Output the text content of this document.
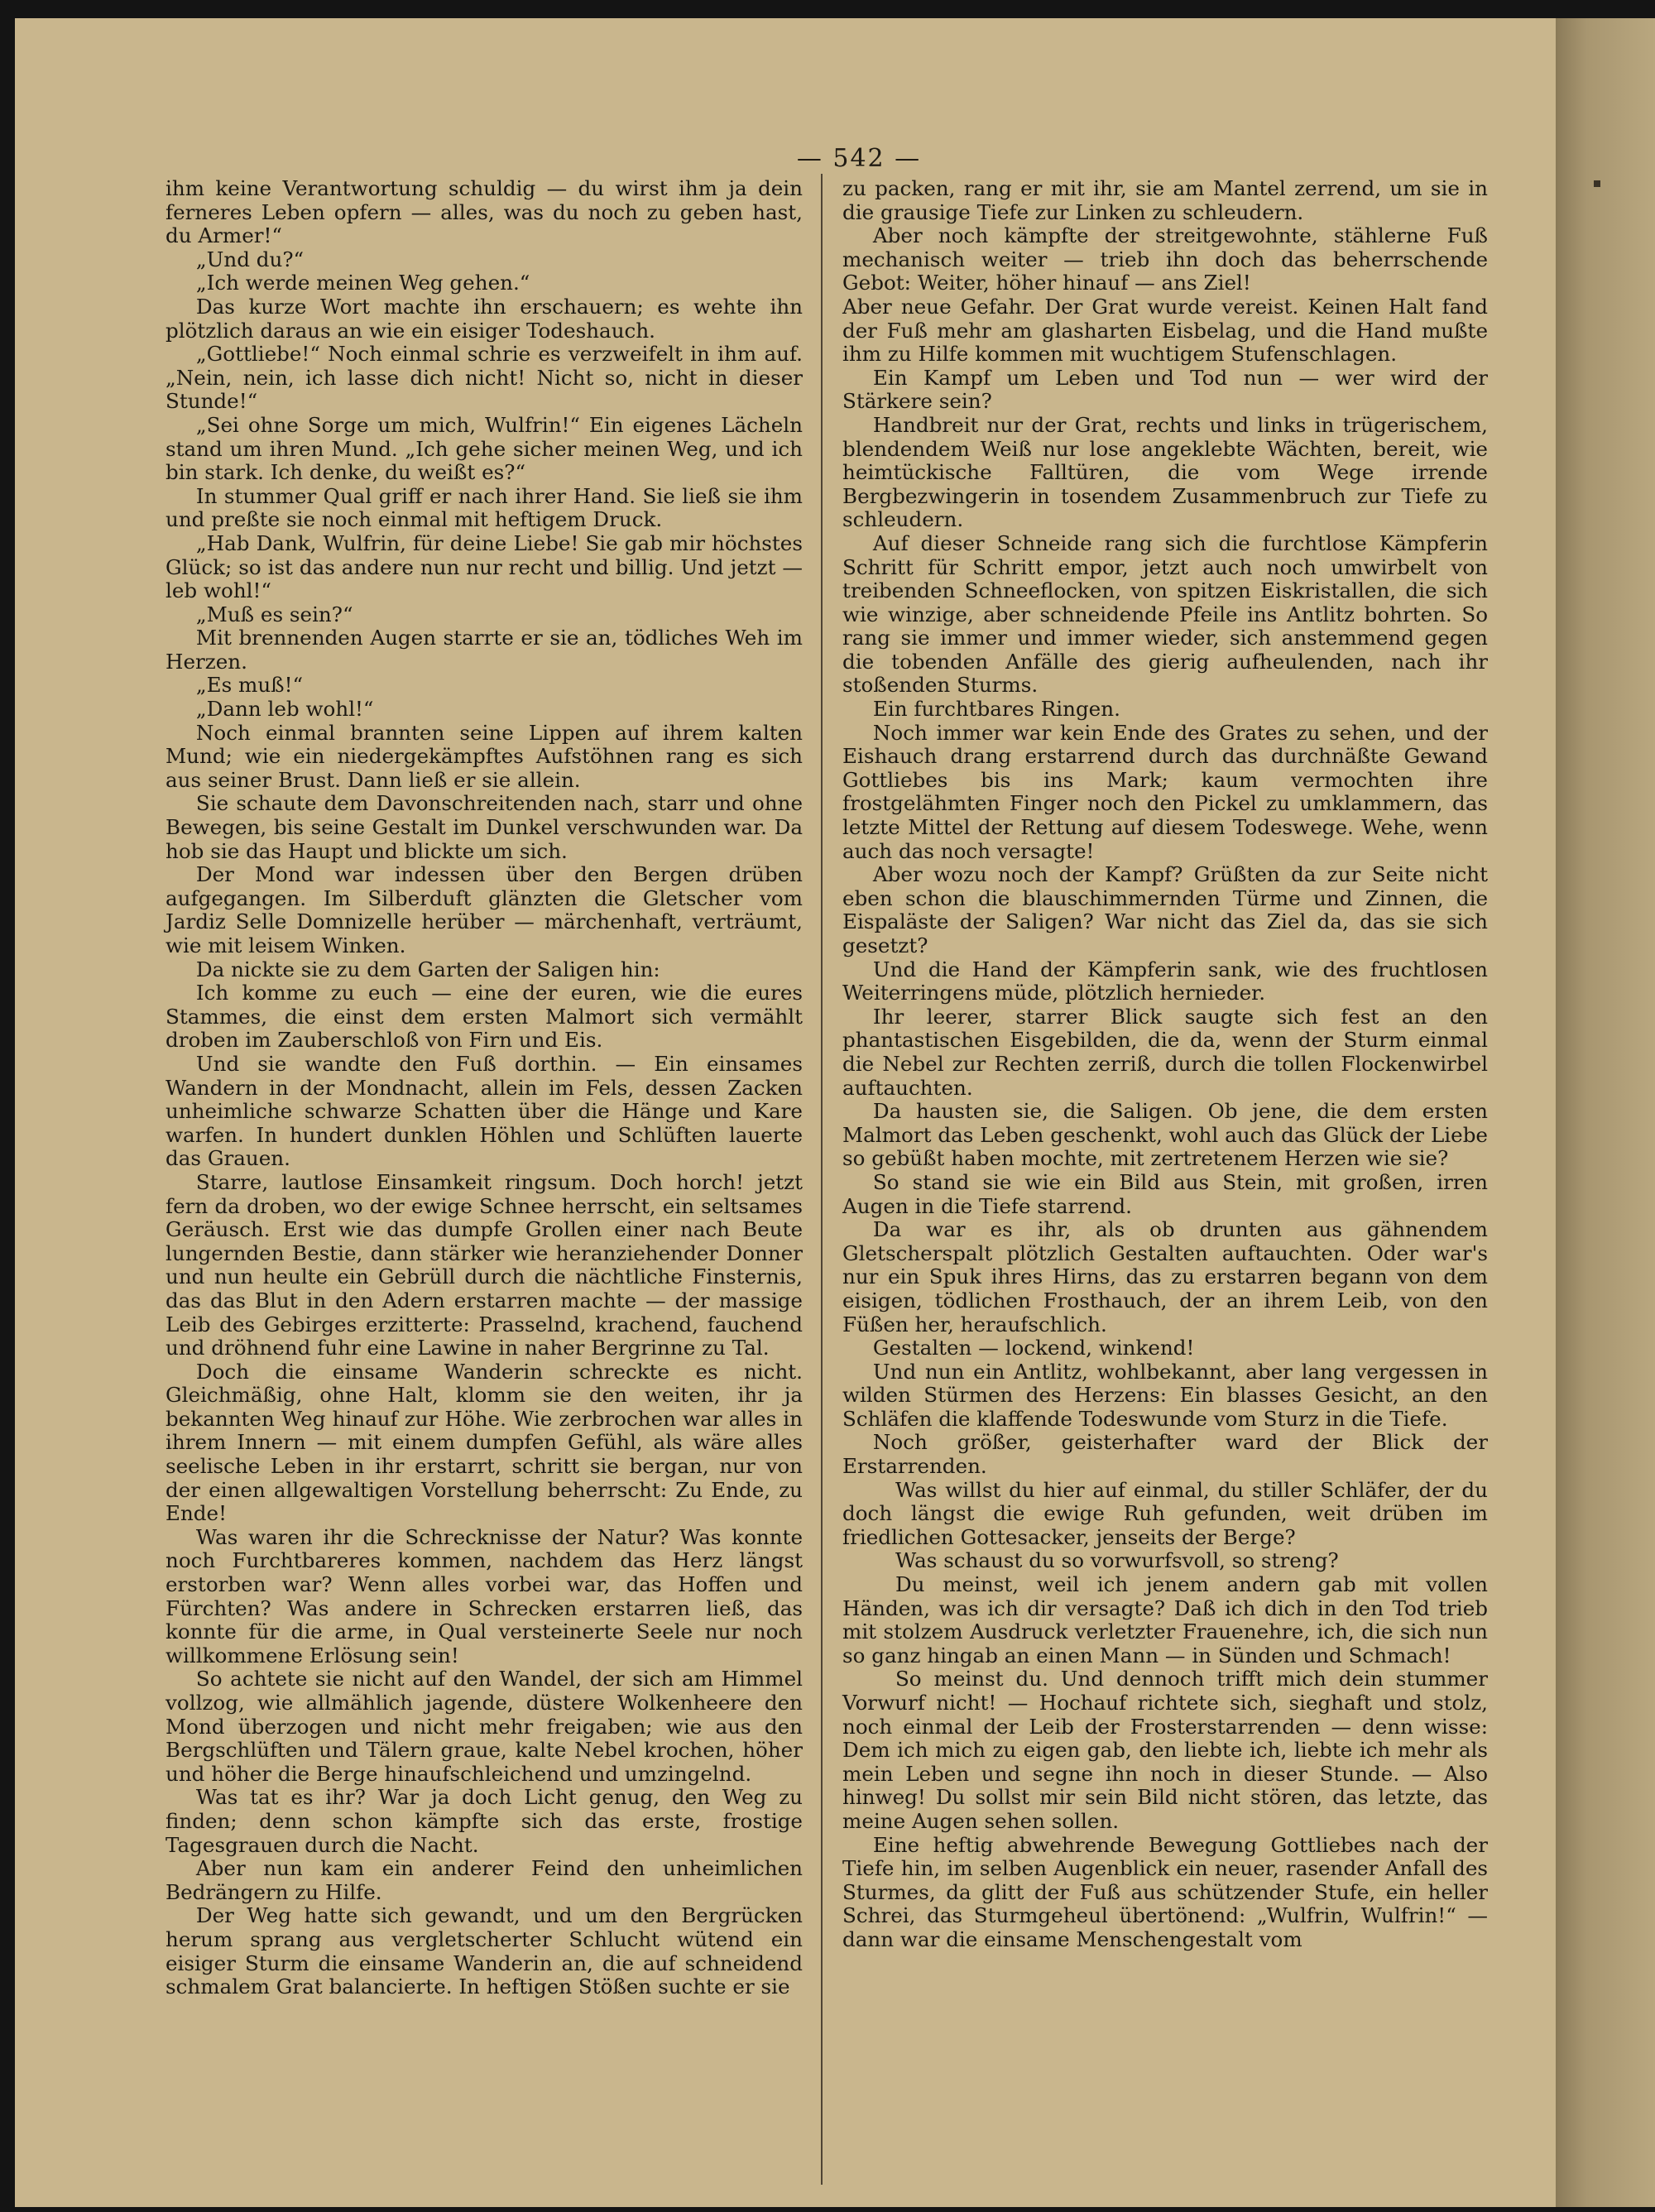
— 542 —

ihm keine Verantwortung schuldig — du wirst ihm ja dein ferneres Leben opfern — alles, was du noch zu geben hast, du Armer!“

„Und du?“

„Ich werde meinen Weg gehen.“

Das kurze Wort machte ihn erschauern; es wehte ihn plötzlich daraus an wie ein eisiger Todeshauch.

„Gottliebe!“ Noch einmal schrie es verzweifelt in ihm auf. „Nein, nein, ich lasse dich nicht! Nicht so, nicht in dieser Stunde!“

„Sei ohne Sorge um mich, Wulfrin!“ Ein eigenes Lächeln stand um ihren Mund. „Ich gehe sicher meinen Weg, und ich bin stark. Ich denke, du weißt es?“

In stummer Qual griff er nach ihrer Hand. Sie ließ sie ihm und preßte sie noch einmal mit heftigem Druck.

„Hab Dank, Wulfrin, für deine Liebe! Sie gab mir höchstes Glück; so ist das andere nun nur recht und billig. Und jetzt — leb wohl!“

„Muß es sein?“

Mit brennenden Augen starrte er sie an, tödliches Weh im Herzen.

„Es muß!“

„Dann leb wohl!“

Noch einmal brannten seine Lippen auf ihrem kalten Mund; wie ein niedergekämpftes Aufstöhnen rang es sich aus seiner Brust. Dann ließ er sie allein.

Sie schaute dem Davonschreitenden nach, starr und ohne Bewegen, bis seine Gestalt im Dunkel verschwunden war. Da hob sie das Haupt und blickte um sich.

Der Mond war indessen über den Bergen drüben aufgegangen. Im Silberduft glänzten die Gletscher vom Jardiz Selle Domnizelle herüber — märchenhaft, verträumt, wie mit leisem Winken.

Da nickte sie zu dem Garten der Saligen hin:

Ich komme zu euch — eine der euren, wie die eures Stammes, die einst dem ersten Malmort sich vermählt droben im Zauberschloß von Firn und Eis.

Und sie wandte den Fuß dorthin. — Ein einsames Wandern in der Mondnacht, allein im Fels, dessen Zacken unheimliche schwarze Schatten über die Hänge und Kare warfen. In hundert dunklen Höhlen und Schlüften lauerte das Grauen.

Starre, lautlose Einsamkeit ringsum. Doch horch! jetzt fern da droben, wo der ewige Schnee herrscht, ein seltsames Geräusch. Erst wie das dumpfe Grollen einer nach Beute lungernden Bestie, dann stärker wie heranziehender Donner und nun heulte ein Gebrüll durch die nächtliche Finsternis, das das Blut in den Adern erstarren machte — der massige Leib des Gebirges erzitterte: Prasselnd, krachend, fauchend und dröhnend fuhr eine Lawine in naher Bergrinne zu Tal.

Doch die einsame Wanderin schreckte es nicht. Gleichmäßig, ohne Halt, klomm sie den weiten, ihr ja bekannten Weg hinauf zur Höhe. Wie zerbrochen war alles in ihrem Innern — mit einem dumpfen Gefühl, als wäre alles seelische Leben in ihr erstarrt, schritt sie bergan, nur von der einen allgewaltigen Vorstellung beherrscht: Zu Ende, zu Ende!

Was waren ihr die Schrecknisse der Natur? Was konnte noch Furchtbareres kommen, nachdem das Herz längst erstorben war? Wenn alles vorbei war, das Hoffen und Fürchten? Was andere in Schrecken erstarren ließ, das konnte für die arme, in Qual versteinerte Seele nur noch willkommene Erlösung sein!

So achtete sie nicht auf den Wandel, der sich am Himmel vollzog, wie allmählich jagende, düstere Wolkenheere den Mond überzogen und nicht mehr freigaben; wie aus den Bergschlüften und Tälern graue, kalte Nebel krochen, höher und höher die Berge hinaufschleichend und umzingelnd.

Was tat es ihr? War ja doch Licht genug, den Weg zu finden; denn schon kämpfte sich das erste, frostige Tagesgrauen durch die Nacht.

Aber nun kam ein anderer Feind den unheimlichen Bedrängern zu Hilfe.

Der Weg hatte sich gewandt, und um den Bergrücken herum sprang aus vergletscherter Schlucht wütend ein eisiger Sturm die einsame Wanderin an, die auf schneidend schmalem Grat balancierte. In heftigen Stößen suchte er sie

zu packen, rang er mit ihr, sie am Mantel zerrend, um sie in die grausige Tiefe zur Linken zu schleudern.

Aber noch kämpfte der streitgewohnte, stählerne Fuß mechanisch weiter — trieb ihn doch das beherrschende Gebot: Weiter, höher hinauf — ans Ziel!

Aber neue Gefahr. Der Grat wurde vereist. Keinen Halt fand der Fuß mehr am glasharten Eisbelag, und die Hand mußte ihm zu Hilfe kommen mit wuchtigem Stufenschlagen.

Ein Kampf um Leben und Tod nun — wer wird der Stärkere sein?

Handbreit nur der Grat, rechts und links in trügerischem, blendendem Weiß nur lose angeklebte Wächten, bereit, wie heimtückische Falltüren, die vom Wege irrende Bergbezwingerin in tosendem Zusammenbruch zur Tiefe zu schleudern.

Auf dieser Schneide rang sich die furchtlose Kämpferin Schritt für Schritt empor, jetzt auch noch umwirbelt von treibenden Schneeflocken, von spitzen Eiskristallen, die sich wie winzige, aber schneidende Pfeile ins Antlitz bohrten. So rang sie immer und immer wieder, sich anstemmend gegen die tobenden Anfälle des gierig aufheulenden, nach ihr stoßenden Sturms.

Ein furchtbares Ringen.

Noch immer war kein Ende des Grates zu sehen, und der Eishauch drang erstarrend durch das durchnäßte Gewand Gottliebes bis ins Mark; kaum vermochten ihre frostgelähmten Finger noch den Pickel zu umklammern, das letzte Mittel der Rettung auf diesem Todeswege. Wehe, wenn auch das noch versagte!

Aber wozu noch der Kampf? Grüßten da zur Seite nicht eben schon die blauschimmernden Türme und Zinnen, die Eispaläste der Saligen? War nicht das Ziel da, das sie sich gesetzt?

Und die Hand der Kämpferin sank, wie des fruchtlosen Weiterringens müde, plötzlich hernieder.

Ihr leerer, starrer Blick saugte sich fest an den phantastischen Eisgebilden, die da, wenn der Sturm einmal die Nebel zur Rechten zerriß, durch die tollen Flockenwirbel auftauchten.

Da hausten sie, die Saligen. Ob jene, die dem ersten Malmort das Leben geschenkt, wohl auch das Glück der Liebe so gebüßt haben mochte, mit zertretenem Herzen wie sie?

So stand sie wie ein Bild aus Stein, mit großen, irren Augen in die Tiefe starrend.

Da war es ihr, als ob drunten aus gähnendem Gletscherspalt plötzlich Gestalten auftauchten. Oder war's nur ein Spuk ihres Hirns, das zu erstarren begann von dem eisigen, tödlichen Frosthauch, der an ihrem Leib, von den Füßen her, heraufschlich.

Gestalten — lockend, winkend!

Und nun ein Antlitz, wohlbekannt, aber lang vergessen in wilden Stürmen des Herzens: Ein blasses Gesicht, an den Schläfen die klaffende Todeswunde vom Sturz in die Tiefe.

Noch größer, geisterhafter ward der Blick der Erstarrenden.

Was willst du hier auf einmal, du stiller Schläfer, der du doch längst die ewige Ruh gefunden, weit drüben im friedlichen Gottesacker, jenseits der Berge?

Was schaust du so vorwurfsvoll, so streng?

Du meinst, weil ich jenem andern gab mit vollen Händen, was ich dir versagte? Daß ich dich in den Tod trieb mit stolzem Ausdruck verletzter Frauenehre, ich, die sich nun so ganz hingab an einen Mann — in Sünden und Schmach!

So meinst du. Und dennoch trifft mich dein stummer Vorwurf nicht! — Hochauf richtete sich, sieghaft und stolz, noch einmal der Leib der Frosterstarrenden — denn wisse: Dem ich mich zu eigen gab, den liebte ich, liebte ich mehr als mein Leben und segne ihn noch in dieser Stunde. — Also hinweg! Du sollst mir sein Bild nicht stören, das letzte, das meine Augen sehen sollen.

Eine heftig abwehrende Bewegung Gottliebes nach der Tiefe hin, im selben Augenblick ein neuer, rasender Anfall des Sturmes, da glitt der Fuß aus schützender Stufe, ein heller Schrei, das Sturmgeheul übertönend: „Wulfrin, Wulfrin!“ — dann war die einsame Menschengestalt vom
